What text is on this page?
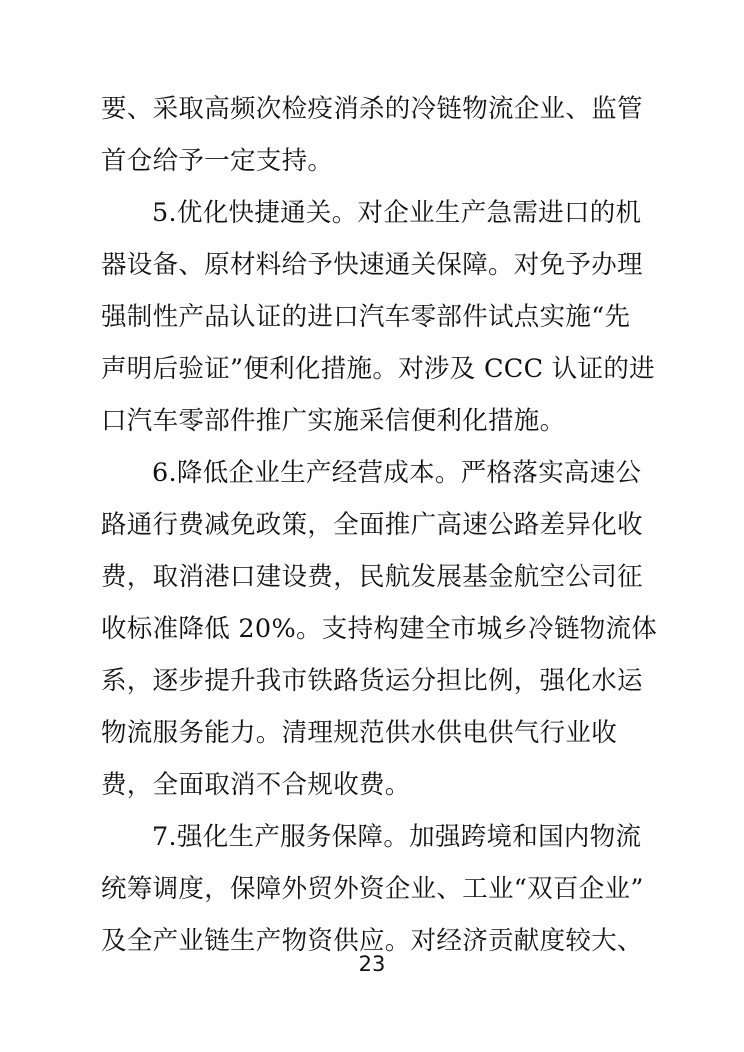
要、采取高频次检疫消杀的冷链物流企业、监管
首仓给予一定支持。
5.优化快捷通关。对企业生产急需进口的机
器设备、原材料给予快速通关保障。对免予办理
强制性产品认证的进口汽车零部件试点实施“先
声明后验证”便利化措施。对涉及 CCC 认证的进
口汽车零部件推广实施采信便利化措施。
6.降低企业生产经营成本。严格落实高速公
路通行费减免政策，全面推广高速公路差异化收
费，取消港口建设费，民航发展基金航空公司征
收标准降低 20%。支持构建全市城乡冷链物流体
系，逐步提升我市铁路货运分担比例，强化水运
物流服务能力。清理规范供水供电供气行业收
费，全面取消不合规收费。
7.强化生产服务保障。加强跨境和国内物流
统筹调度，保障外贸外资企业、工业“双百企业”
及全产业链生产物资供应。对经济贡献度较大、
23
